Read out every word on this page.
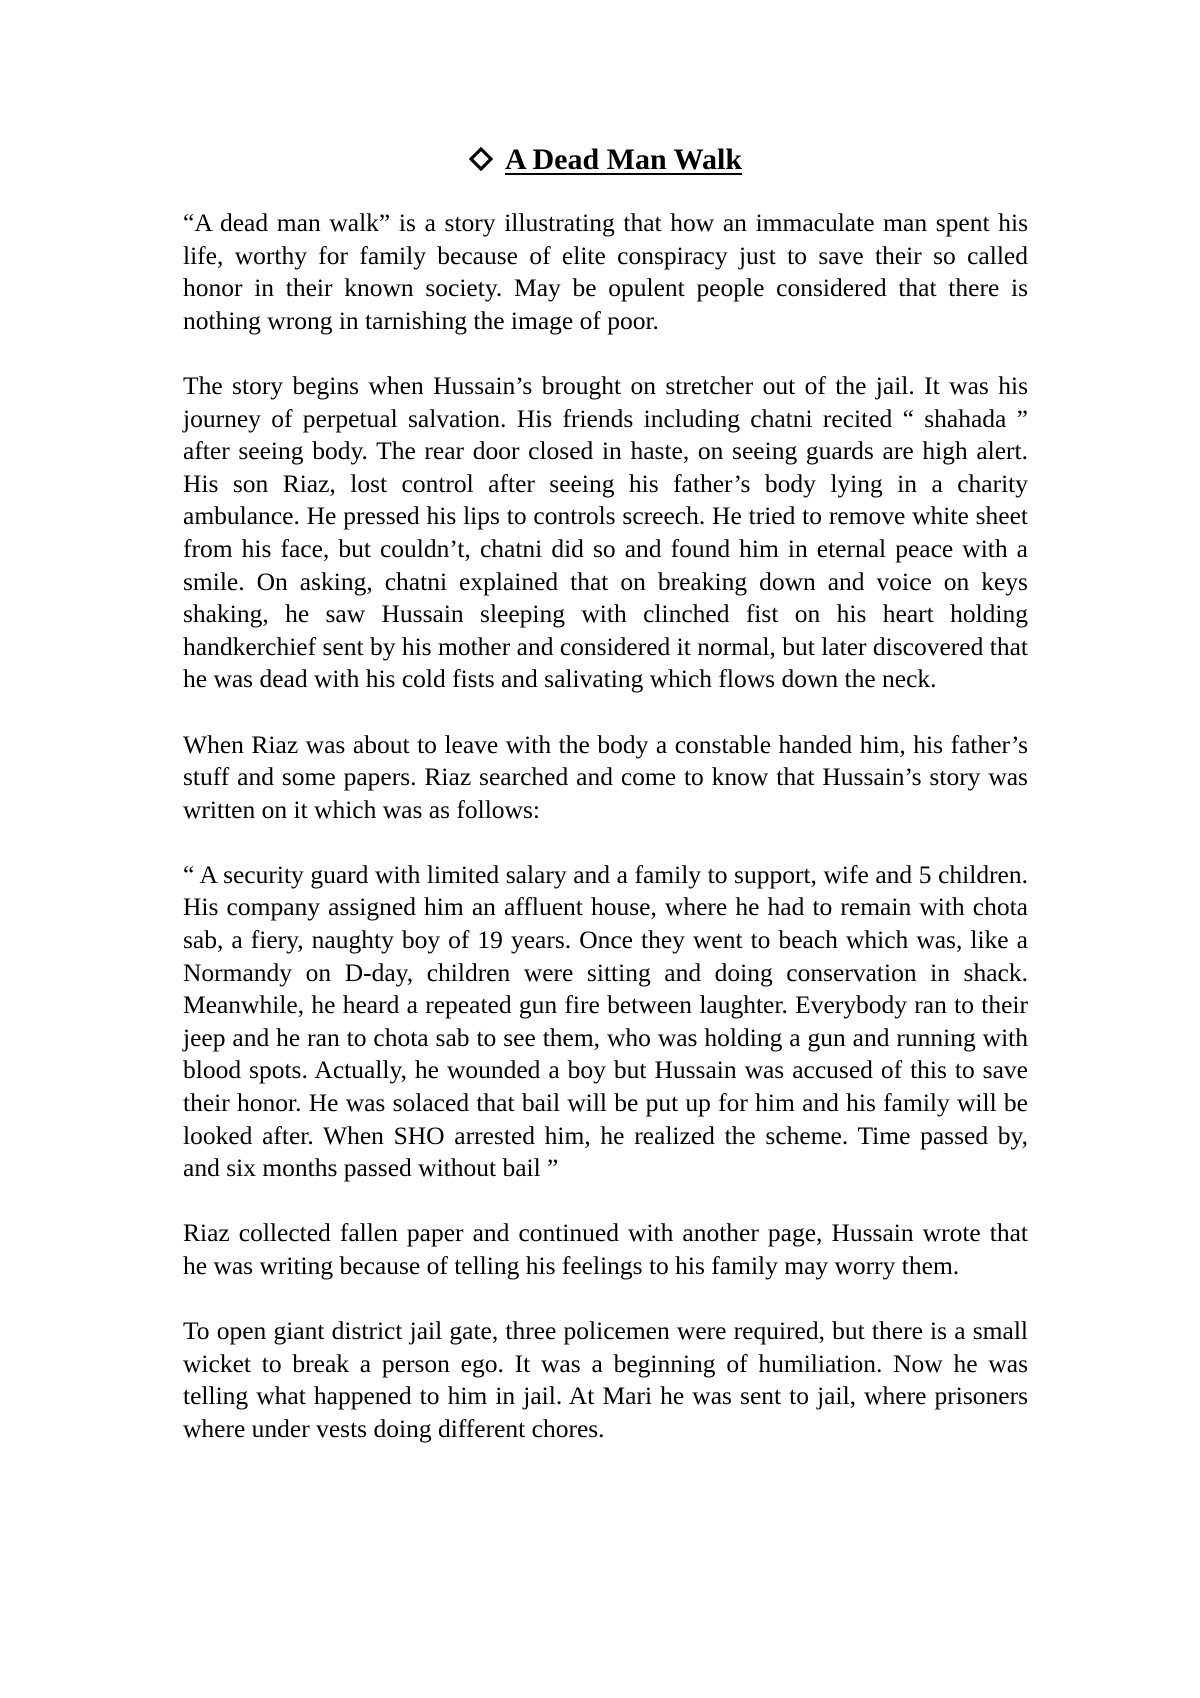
A Dead Man Walk

“A dead man walk” is a story illustrating that how an immaculate man spent his life, worthy for family because of elite conspiracy just to save their so called honor in their known society. May be opulent people considered that there is nothing wrong in tarnishing the image of poor.

The story begins when Hussain’s brought on stretcher out of the jail. It was his journey of perpetual salvation. His friends including chatni recited “ shahada ” after seeing body. The rear door closed in haste, on seeing guards are high alert. His son Riaz, lost control after seeing his father’s body lying in a charity ambulance. He pressed his lips to controls screech. He tried to remove white sheet from his face, but couldn’t, chatni did so and found him in eternal peace with a smile. On asking, chatni explained that on breaking down and voice on keys shaking, he saw Hussain sleeping with clinched fist on his heart holding handkerchief sent by his mother and considered it normal, but later discovered that he was dead with his cold fists and salivating which flows down the neck.

When Riaz was about to leave with the body a constable handed him, his father’s stuff and some papers. Riaz searched and come to know that Hussain’s story was written on it which was as follows:

“ A security guard with limited salary and a family to support, wife and 5 children. His company assigned him an affluent house, where he had to remain with chota sab, a fiery, naughty boy of 19 years. Once they went to beach which was, like a Normandy on D-day, children were sitting and doing conservation in shack. Meanwhile, he heard a repeated gun fire between laughter. Everybody ran to their jeep and he ran to chota sab to see them, who was holding a gun and running with blood spots. Actually, he wounded a boy but Hussain was accused of this to save their honor. He was solaced that bail will be put up for him and his family will be looked after. When SHO arrested him, he realized the scheme. Time passed by, and six months passed without bail ”

Riaz collected fallen paper and continued with another page, Hussain wrote that he was writing because of telling his feelings to his family may worry them.

To open giant district jail gate, three policemen were required, but there is a small wicket to break a person ego. It was a beginning of humiliation. Now he was telling what happened to him in jail. At Mari he was sent to jail, where prisoners where under vests doing different chores.
